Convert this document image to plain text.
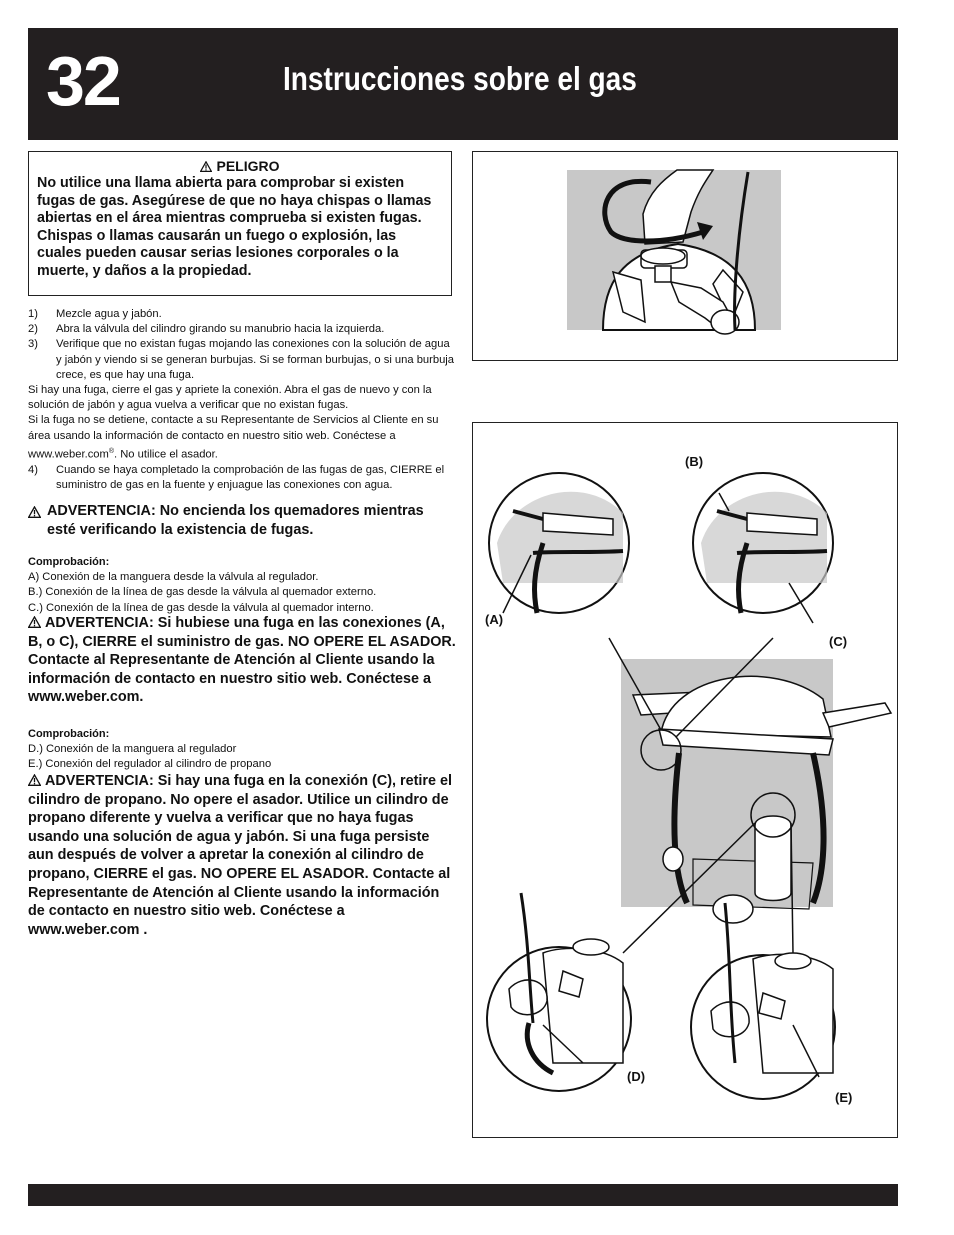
32	Instrucciones sobre el gas
PELIGRO
No utilice una llama abierta para comprobar si existen fugas de gas. Asegúrese de que no haya chispas o llamas abiertas en el área mientras comprueba si existen fugas. Chispas o llamas causarán un fuego o explosión, las cuales pueden causar serias lesiones corporales o la muerte, y daños a la propiedad.
1)	Mezcle agua y jabón.
2)	Abra la válvula del cilindro girando su manubrio hacia la izquierda.
3)	Verifique que no existan fugas mojando las conexiones con la solución de agua y jabón y viendo si se generan burbujas. Si se forman burbujas, o si una burbuja crece, es que hay una fuga.
Si hay una fuga, cierre el gas y apriete la conexión. Abra el gas de nuevo y con la solución de jabón y agua vuelva a verificar que no existan fugas.
Si la fuga no se detiene, contacte a su Representante de Servicios al Cliente en su área usando la información de contacto en nuestro sitio web. Conéctese a www.weber.com®. No utilice el asador.
4)	Cuando se haya completado la comprobación de las fugas de gas, CIERRE el suministro de gas en la fuente y enjuague las conexiones con agua.
ADVERTENCIA: No encienda los quemadores mientras esté verificando la existencia de fugas.
Comprobación:
A) Conexión de la manguera desde la válvula al regulador.
B.) Conexión de la línea de gas desde la válvula al quemador externo.
C.) Conexión de la línea de gas desde la válvula al quemador interno.
ADVERTENCIA: Si hubiese una fuga en las conexiones (A, B, o C), CIERRE el suministro de gas. NO OPERE EL ASADOR. Contacte al Representante de Atención al Cliente usando la información de contacto en nuestro sitio web. Conéctese a www.weber.com.
Comprobación:
D.) Conexión de la manguera al regulador
E.) Conexión del regulador al cilindro de propano
ADVERTENCIA: Si hay una fuga en la conexión (C), retire el cilindro de propano. No opere el asador. Utilice un cilindro de propano diferente y vuelva a verificar que no haya fugas usando una solución de agua y jabón. Si una fuga persiste aun después de volver a apretar la conexión al cilindro de propano, CIERRE el gas. NO OPERE EL ASADOR. Contacte al Representante de Atención al Cliente usando la información de contacto en nuestro sitio web. Conéctese a www.weber.com .
(A)
(B)
(C)
(D)
(E)
